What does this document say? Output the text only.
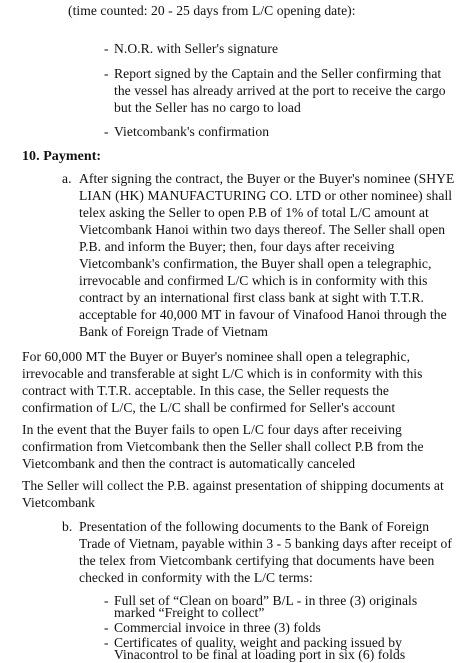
(time counted: 20 - 25 days from L/C opening date):
- N.O.R. with Seller's signature
- Report signed by the Captain and the Seller confirming that
the vessel has already arrived at the port to receive the cargo
but the Seller has no cargo to load
- Vietcombank's confirmation
10. Payment:
a. After signing the contract, the Buyer or the Buyer's nominee (SHYE
LIAN (HK) MANUFACTURING CO. LTD or other nominee) shall
telex asking the Seller to open P.B of 1% of total L/C amount at
Vietcombank Hanoi within two days thereof. The Seller shall open
P.B. and inform the Buyer; then, four days after receiving
Vietcombank's confirmation, the Buyer shall open a telegraphic,
irrevocable and confirmed L/C which is in conformity with this
contract by an international first class bank at sight with T.T.R.
acceptable for 40,000 MT in favour of Vinafood Hanoi through the
Bank of Foreign Trade of Vietnam
For 60,000 MT the Buyer or Buyer's nominee shall open a telegraphic,
irrevocable and transferable at sight L/C which is in conformity with this
contract with T.T.R. acceptable. In this case, the Seller requests the
confirmation of L/C, the L/C shall be confirmed for Seller's account
In the event that the Buyer fails to open L/C four days after receiving
confirmation from Vietcombank then the Seller shall collect P.B from the
Vietcombank and then the contract is automatically canceled
The Seller will collect the P.B. against presentation of shipping documents at
Vietcombank
b. Presentation of the following documents to the Bank of Foreign
Trade of Vietnam, payable within 3 - 5 banking days after receipt of
the telex from Vietcombank certifying that documents have been
checked in conformity with the L/C terms:
- Full set of “Clean on board” B/L - in three (3) originals
marked “Freight to collect”
- Commercial invoice in three (3) folds
- Certificates of quality, weight and packing issued by
Vinacontrol to be final at loading port in six (6) folds
